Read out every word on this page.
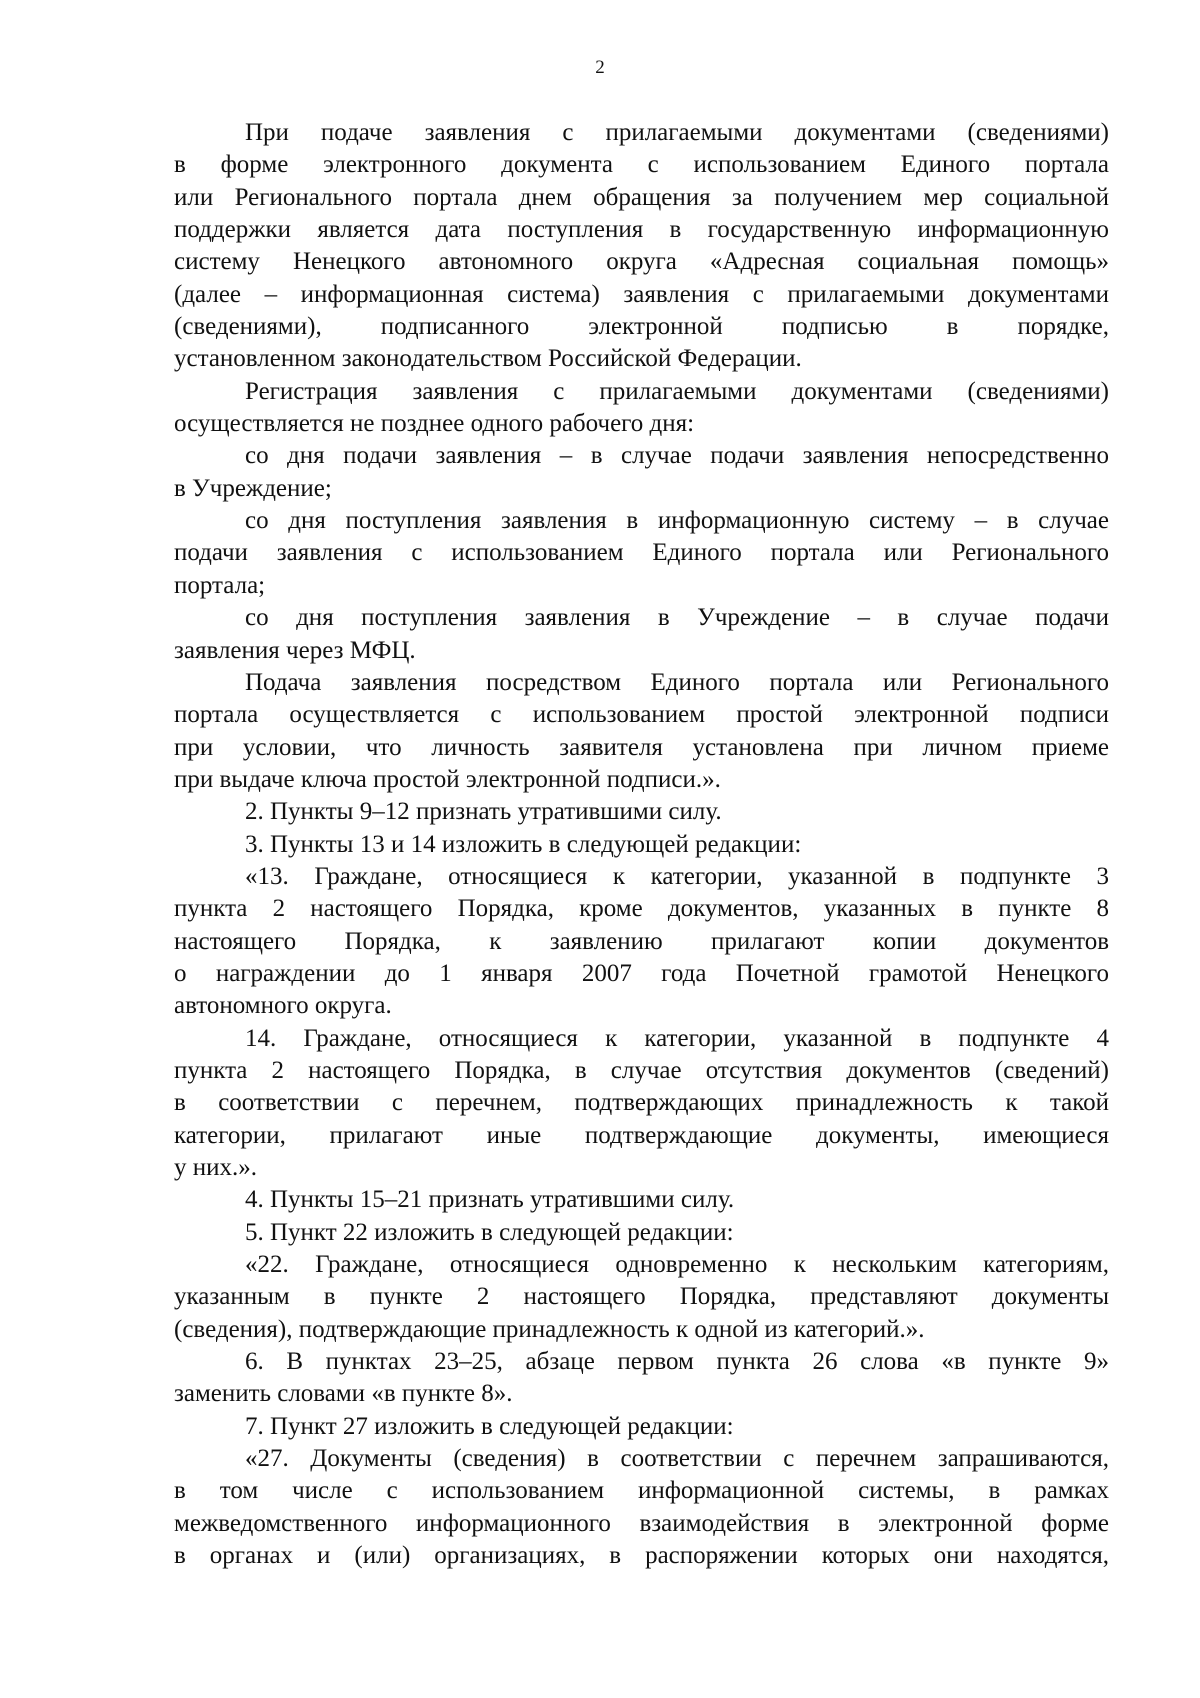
2
При подаче заявления с прилагаемыми документами (сведениями)
в форме электронного документа с использованием Единого портала
или Регионального портала днем обращения за получением мер социальной
поддержки является дата поступления в государственную информационную
систему Ненецкого автономного округа «Адресная социальная помощь»
(далее – информационная система) заявления с прилагаемыми документами
(сведениями), подписанного электронной подписью в порядке,
установленном законодательством Российской Федерации.
Регистрация заявления с прилагаемыми документами (сведениями)
осуществляется не позднее одного рабочего дня:
со дня подачи заявления – в случае подачи заявления непосредственно
в Учреждение;
со дня поступления заявления в информационную систему – в случае
подачи заявления с использованием Единого портала или Регионального
портала;
со дня поступления заявления в Учреждение – в случае подачи
заявления через МФЦ.
Подача заявления посредством Единого портала или Регионального
портала осуществляется с использованием простой электронной подписи
при условии, что личность заявителя установлена при личном приеме
при выдаче ключа простой электронной подписи.».
2. Пункты 9–12 признать утратившими силу.
3. Пункты 13 и 14 изложить в следующей редакции:
«13. Граждане, относящиеся к категории, указанной в подпункте 3
пункта 2 настоящего Порядка, кроме документов, указанных в пункте 8
настоящего Порядка, к заявлению прилагают копии документов
о награждении до 1 января 2007 года Почетной грамотой Ненецкого
автономного округа.
14. Граждане, относящиеся к категории, указанной в подпункте 4
пункта 2 настоящего Порядка, в случае отсутствия документов (сведений)
в соответствии с перечнем, подтверждающих принадлежность к такой
категории, прилагают иные подтверждающие документы, имеющиеся
у них.».
4. Пункты 15–21 признать утратившими силу.
5. Пункт 22 изложить в следующей редакции:
«22. Граждане, относящиеся одновременно к нескольким категориям,
указанным в пункте 2 настоящего Порядка, представляют документы
(сведения), подтверждающие принадлежность к одной из категорий.».
6. В пунктах 23–25, абзаце первом пункта 26 слова «в пункте 9»
заменить словами «в пункте 8».
7. Пункт 27 изложить в следующей редакции:
«27. Документы (сведения) в соответствии с перечнем запрашиваются,
в том числе с использованием информационной системы, в рамках
межведомственного информационного взаимодействия в электронной форме
в органах и (или) организациях, в распоряжении которых они находятся,
